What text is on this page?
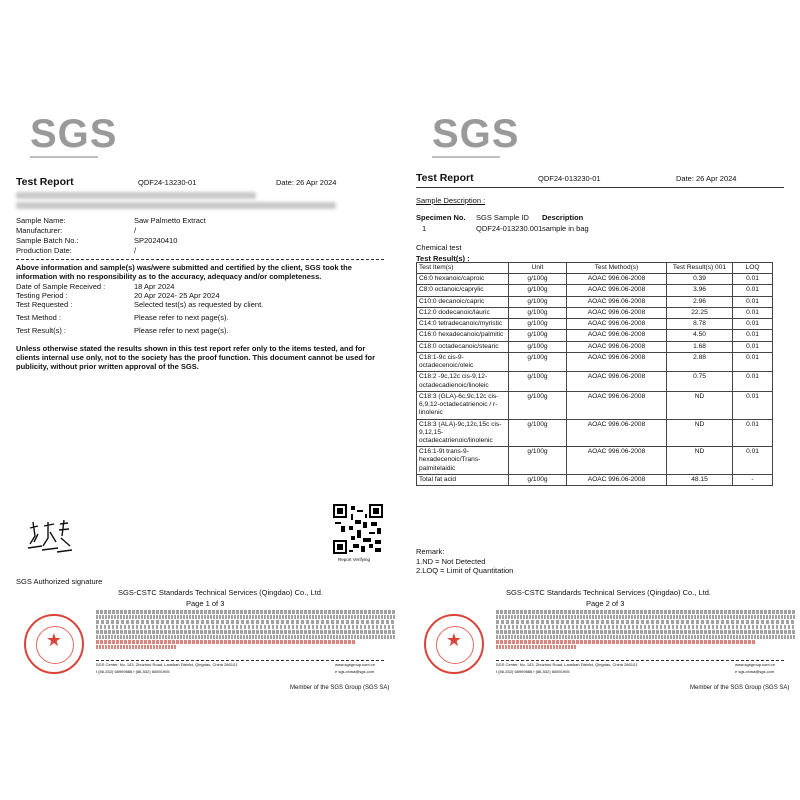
SGS
Test Report	QDF24-13230-01	Date: 26 Apr 2024
Sample Name:	Saw Palmetto Extract
Manufacturer:	/
Sample Batch No.:	SP20240410
Production Date:	/
Above information and sample(s) was/were submitted and certified by the client, SGS took the information with no responsibility as to the accuracy, adequacy and/or completeness.
Date of Sample Received :	18 Apr 2024
Testing Period :	20 Apr 2024- 25 Apr 2024
Test Requested :	Selected test(s) as requested by client.
Test Method :	Please refer to next page(s).
Test Result(s) :	Please refer to next page(s).
Unless otherwise stated the results shown in this test report refer only to the items tested, and for clients internal use only, not to the society has the proof function. This document cannot be used for publicity, without prior written approval of the SGS.
Report Verifying
SGS Authorized signature
SGS-CSTC Standards Technical Services (Qingdao) Co., Ltd.
Page 1 of 3
★
SGS Center, No. 143, Zhuzhou Road, Laoshan District, Qingdao, China 266101
t (86-532) 68999888 f (86-532) 80891905
www.sgsgroup.com.cn
e sgs.china@sgs.com
Member of the SGS Group (SGS SA)
SGS
Test Report	QDF24-013230-01	Date: 26 Apr 2024
Sample Description :
Specimen No. SGS Sample ID Description
1	QDF24-013230.001 sample in bag
Chemical test
Test Result(s) :
Test Item(s)	Unit	Test Method(s)	Test Result(s) 001	LOQ
C6:0 hexanoic/caproic	g/100g	AOAC 996.06-2008	0.39	0.01
C8:0 octanoic/caprylic	g/100g	AOAC 996.06-2008	3.96	0.01
C10:0 decanoic/capric	g/100g	AOAC 996.06-2008	2.96	0.01
C12:0 dodecanoic/lauric	g/100g	AOAC 996.06-2008	22.25	0.01
C14:0 tetradecanoic/myristic	g/100g	AOAC 996.06-2008	8.78	0.01
C16:0 hexadecanoic/palmitic	g/100g	AOAC 996.06-2008	4.50	0.01
C18:0 octadecanoic/stearic	g/100g	AOAC 996.06-2008	1.68	0.01
C18:1-9c cis-9-octadecenoic/oleic	g/100g	AOAC 996.06-2008	2.88	0.01
C18:2 -9c,12c cis-9,12-octadecadienoic/linoleic	g/100g	AOAC 996.06-2008	0.75	0.01
C18:3 (GLA)-6c,9c,12c cis-6,9,12-octadecatrienoic / r-linolenic	g/100g	AOAC 996.06-2008	ND	0.01
C18:3 (ALA)-9c,12c,15c cis-9,12,15-octadecatrienoic/linolenic	g/100g	AOAC 996.06-2008	ND	0.01
C16:1-9t trans-9-hexadecenoic/Trans-palmitelaidic	g/100g	AOAC 996.06-2008	ND	0.01
Total fat acid	g/100g	AOAC 996.06-2008	48.15	-
Remark:
1.ND = Not Detected
2.LOQ = Limit of Quantitation
SGS-CSTC Standards Technical Services (Qingdao) Co., Ltd.
Page 2 of 3
★
SGS Center, No. 143, Zhuzhou Road, Laoshan District, Qingdao, China 266101
t (86-532) 68999888 f (86-532) 80891905
www.sgsgroup.com.cn
e sgs.china@sgs.com
Member of the SGS Group (SGS SA)
